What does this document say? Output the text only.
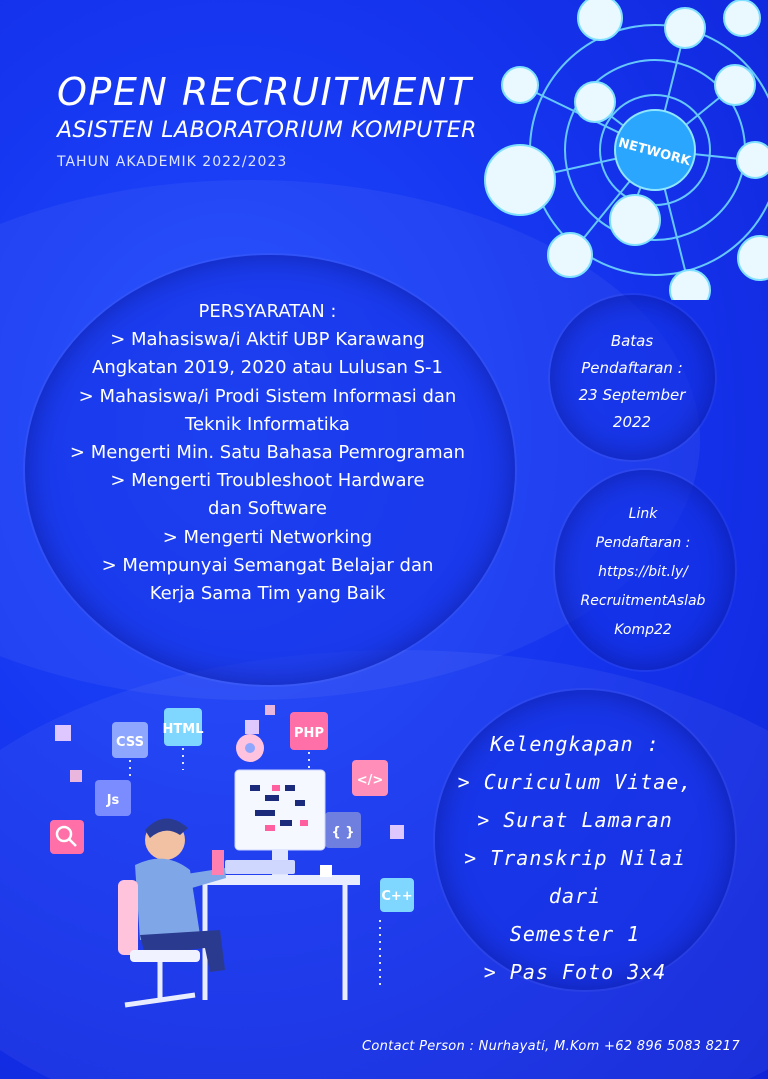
OPEN RECRUITMENT
ASISTEN LABORATORIUM KOMPUTER
TAHUN AKADEMIK 2022/2023	NETWORK
PERSYARATAN :
> Mahasiswa/i Aktif UBP Karawang
Angkatan 2019, 2020 atau Lulusan S-1
> Mahasiswa/i Prodi Sistem Informasi dan
Teknik Informatika
> Mengerti Min. Satu Bahasa Pemrograman
> Mengerti Troubleshoot Hardware
dan Software
> Mengerti Networking
> Mempunyai Semangat Belajar dan
Kerja Sama Tim yang Baik
Batas
Pendaftaran :
23 September
2022
Link
Pendaftaran :
https://bit.ly/
RecruitmentAslab
Komp22
Kelengkapan :
> Curiculum Vitae,
> Surat Lamaran
> Transkrip Nilai dari
Semester 1
> Pas Foto 3x4
CSS
HTML	PHP
Js
{ }
</>
C++
Contact Person : Nurhayati, M.Kom +62 896 5083 8217
